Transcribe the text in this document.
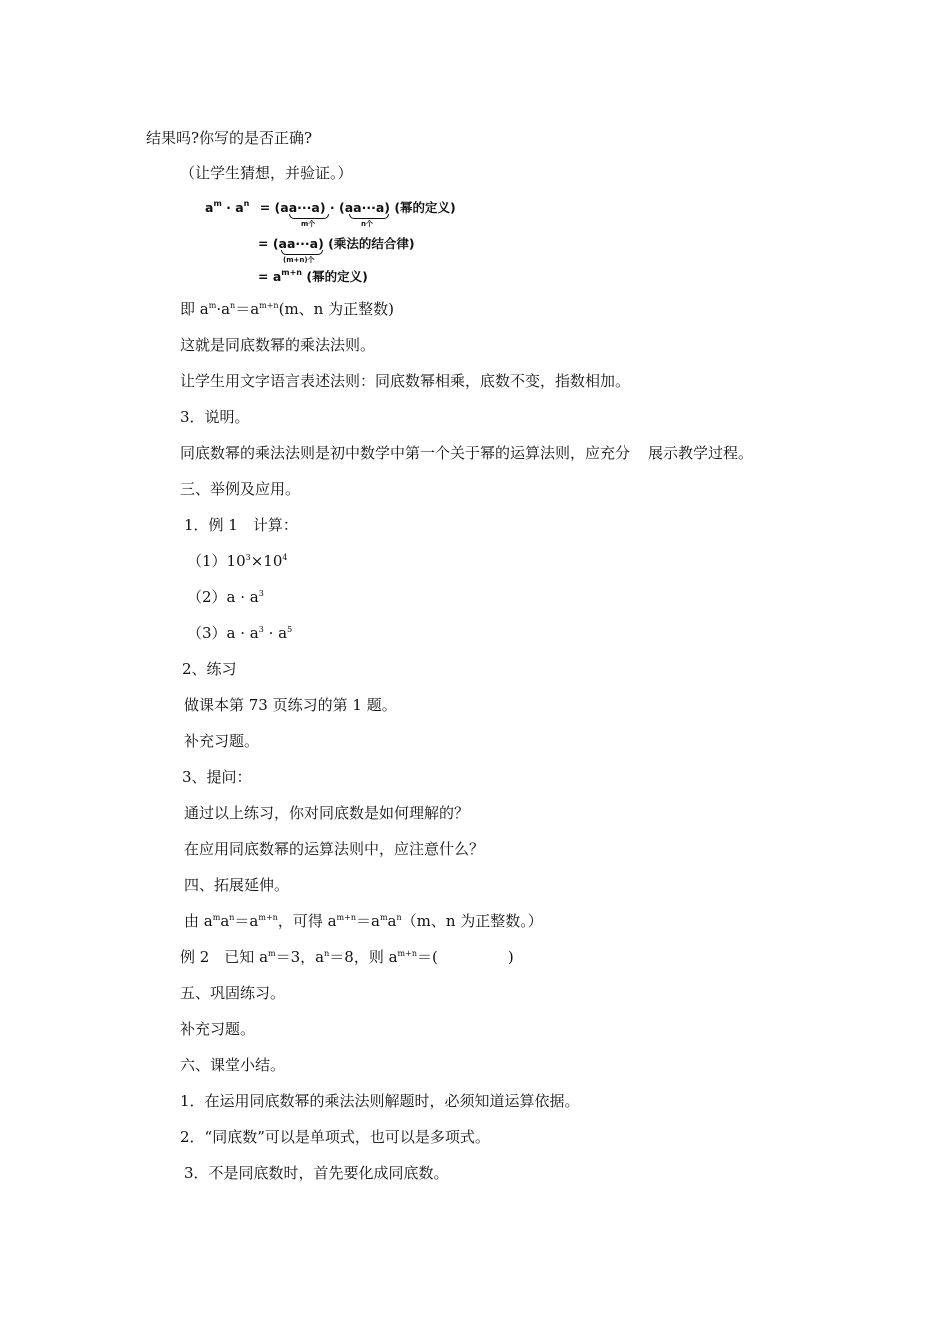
结果吗?你写的是否正确?
（让学生猜想，并验证。）
$a^m \cdot a^n = (aa\cdot\cdot\cdot a) \cdot (aa\cdot\cdot\cdot a)$ (幂的定义)
m个	n个
= (aa···a) (乘法的结合律)
(m+n)个
= $a^{m+n}$ (幂的定义)
即 $a^m\cdot a^n=a^{m+n}(m$、n 为正整数)
这就是同底数幂的乘法法则。
让学生用文字语言表述法则：同底数幂相乘，底数不变，指数相加。
3．说明。
同底数幂的乘法法则是初中数学中第一个关于幂的运算法则，应充分 展示教学过程。
三、举例及应用。
1．例 1　计算：
$(1)10^3\times 10^4$
$(2)a \cdot a^3$
$(3)a \cdot a^3 \cdot a^5$
2、练习
做课本第 73 页练习的第 1 题。
补充习题。
3、提问：
通过以上练习，你对同底数是如何理解的？
在应用同底数幂的运算法则中，应注意什么？
四、拓展延伸。
由 $a^ma^n=a^{m+n}$，可得 $a^{m+n}=a^ma^n(m$、n 为正整数。）
例 2　已知 $a^m=3$，$a^n=8$，则 $a^{m+n}=$(	)
五、巩固练习。
补充习题。
六、课堂小结。
1．在运用同底数幂的乘法法则解题时，必须知道运算依据。
2．“同底数”可以是单项式，也可以是多项式。
3．不是同底数时，首先要化成同底数。
